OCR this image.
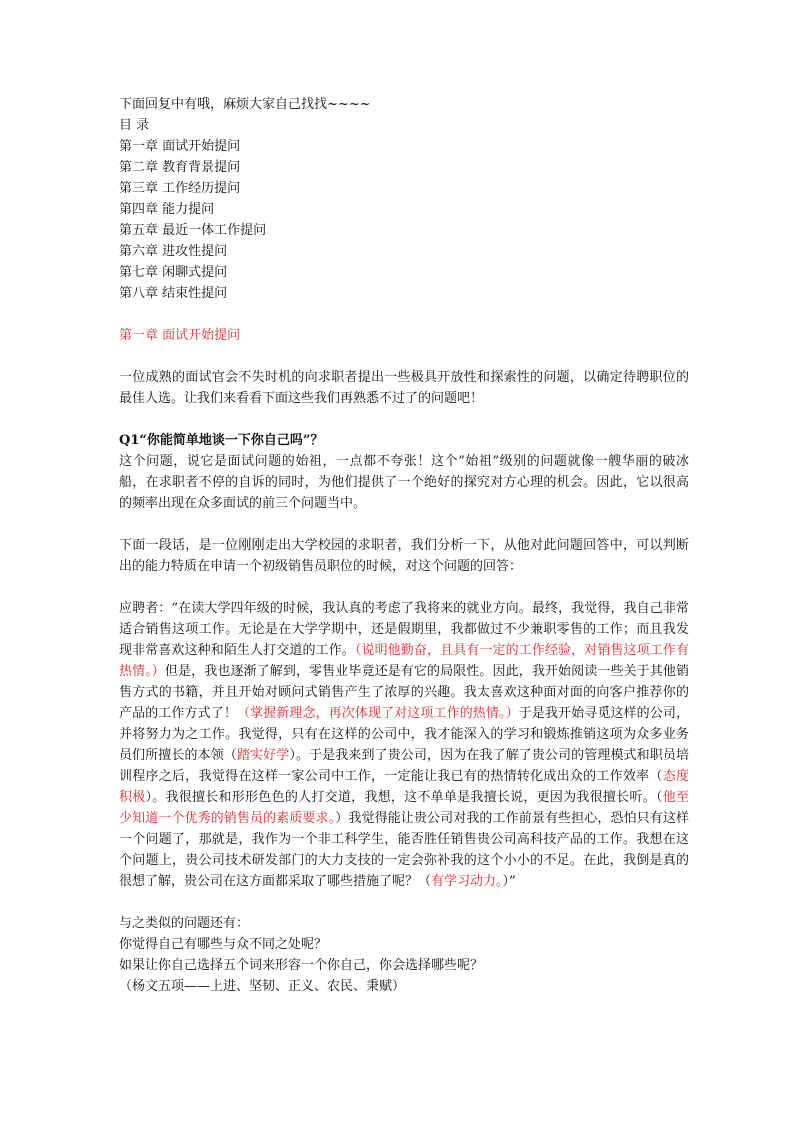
下面回复中有哦，麻烦大家自己找找~~~~
目 录
第一章 面试开始提问
第二章 教育背景提问
第三章 工作经历提问
第四章 能力提问
第五章 最近一体工作提问
第六章 进攻性提问
第七章 闲聊式提问
第八章 结束性提问
第一章 面试开始提问
一位成熟的面试官会不失时机的向求职者提出一些极具开放性和探索性的问题，以确定待聘职位的最佳人选。让我们来看看下面这些我们再熟悉不过了的问题吧！
Q1“你能简单地谈一下你自己吗”？
这个问题，说它是面试问题的始祖，一点都不夸张！这个“始祖”级别的问题就像一艘华丽的破冰船，在求职者不停的自诉的同时，为他们提供了一个绝好的探究对方心理的机会。因此，它以很高的频率出现在众多面试的前三个问题当中。
下面一段话，是一位刚刚走出大学校园的求职者，我们分析一下，从他对此问题回答中，可以判断出的能力特质在申请一个初级销售员职位的时候，对这个问题的回答：
应聘者：“在读大学四年级的时候，我认真的考虑了我将来的就业方向。最终，我觉得，我自己非常适合销售这项工作。无论是在大学学期中，还是假期里，我都做过不少兼职零售的工作；而且我发现非常喜欢这种和陌生人打交道的工作。（说明他勤奋，且具有一定的工作经验，对销售这项工作有热情。）但是，我也逐渐了解到，零售业毕竟还是有它的局限性。因此，我开始阅读一些关于其他销售方式的书籍，并且开始对顾问式销售产生了浓厚的兴趣。我太喜欢这种面对面的向客户推荐你的产品的工作方式了！（掌握新理念，再次体现了对这项工作的热情。）于是我开始寻觅这样的公司，并将努力为之工作。我觉得，只有在这样的公司中，我才能深入的学习和锻炼推销这项为众多业务员们所擅长的本领（踏实好学）。于是我来到了贵公司，因为在我了解了贵公司的管理模式和职员培训程序之后，我觉得在这样一家公司中工作，一定能让我已有的热情转化成出众的工作效率（态度积极）。我很擅长和形形色色的人打交道，我想，这不单单是我擅长说，更因为我很擅长听。（他至少知道一个优秀的销售员的素质要求。）我觉得能让贵公司对我的工作前景有些担心，恐怕只有这样一个问题了，那就是，我作为一个非工科学生，能否胜任销售贵公司高科技产品的工作。我想在这个问题上，贵公司技术研发部门的大力支技的一定会弥补我的这个小小的不足。在此，我倒是真的很想了解，贵公司在这方面都采取了哪些措施了呢？（有学习动力。）”
与之类似的问题还有：
你觉得自己有哪些与众不同之处呢？
如果让你自己选择五个词来形容一个你自己，你会选择哪些呢？
（杨文五项——上进、坚韧、正义、农民、秉赋）
